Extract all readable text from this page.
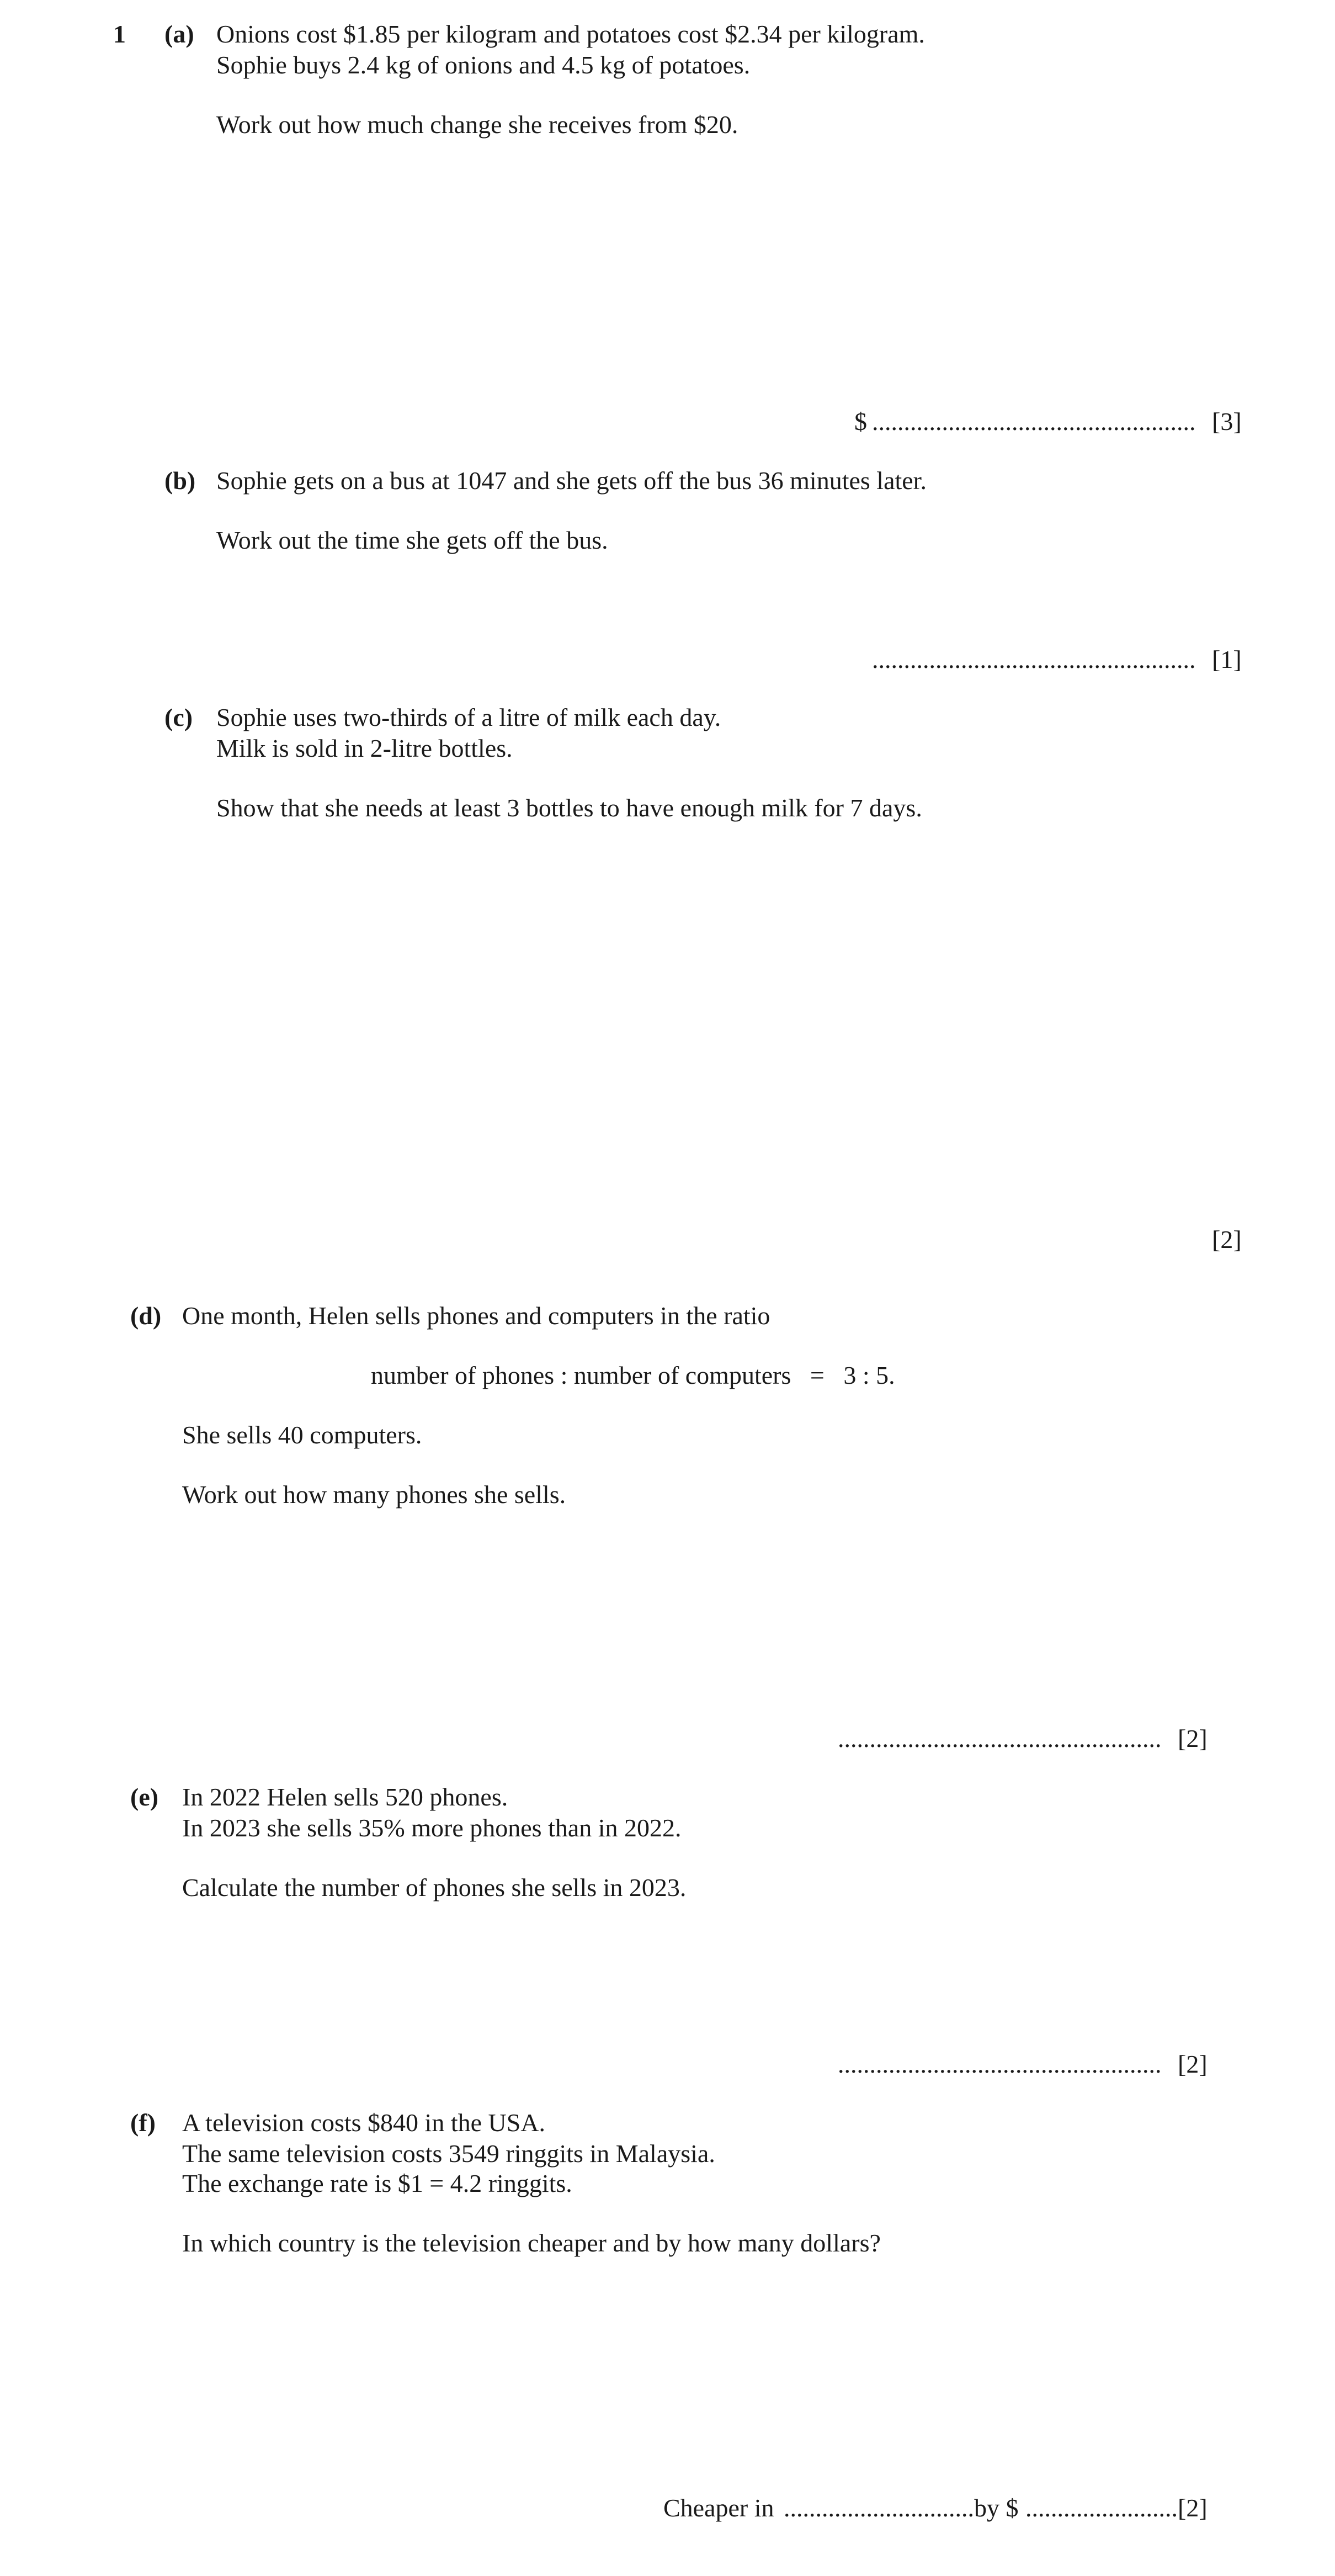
1 (a) Onions cost $1.85 per kilogram and potatoes cost $2.34 per kilogram.
Sophie buys 2.4 kg of onions and 4.5 kg of potatoes.
Work out how much change she receives from $20.
$ ................................................... [3]
(b) Sophie gets on a bus at 1047 and she gets off the bus 36 minutes later.
Work out the time she gets off the bus.
................................................... [1]
(c) Sophie uses two-thirds of a litre of milk each day.
Milk is sold in 2-litre bottles.
Show that she needs at least 3 bottles to have enough milk for 7 days.
[2]
(d) One month, Helen sells phones and computers in the ratio
number of phones : number of computers   =   3 : 5.
She sells 40 computers.
Work out how many phones she sells.
................................................... [2]
(e) In 2022 Helen sells 520 phones.
In 2023 she sells 35% more phones than in 2022.
Calculate the number of phones she sells in 2023.
................................................... [2]
(f) A television costs $840 in the USA.
The same television costs 3549 ringgits in Malaysia.
The exchange rate is $1 = 4.2 ringgits.
In which country is the television cheaper and by how many dollars?
Cheaper in .............................. by $ ........................ [2]
